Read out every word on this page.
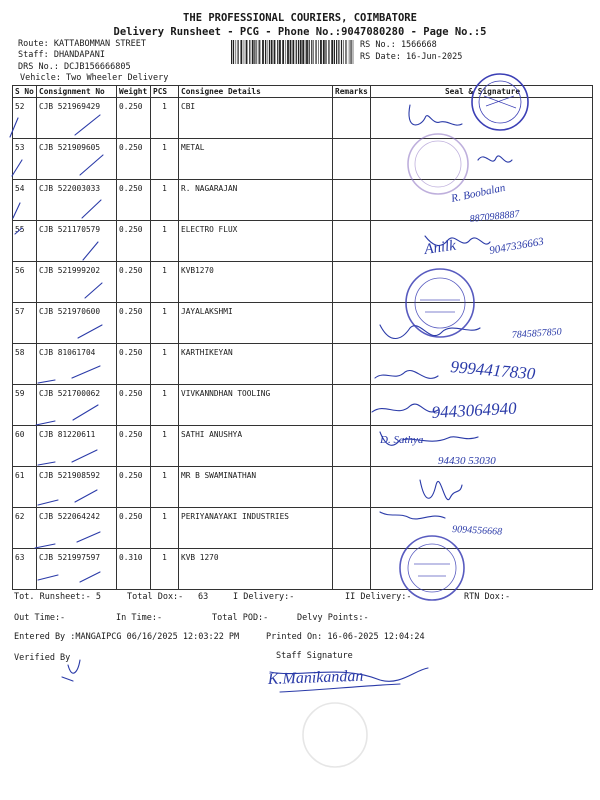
THE PROFESSIONAL COURIERS, COIMBATORE
Delivery Runsheet - PCG - Phone No.:9047080280 - Page No.:5
Route: KATTABOMMAN STREET
Staff: DHANDAPANI
DRS No.: DCJB156666805
Vehicle: Two Wheeler Delivery
RS No.: 1566668
RS Date: 16-Jun-2025
S No	Consignment No	Weight	PCS	Consignee Details	Remarks	Seal & Signature
52	CJB 521969429	0.250	1	CBI		
53	CJB 521909605	0.250	1	METAL		
54	CJB 522003033	0.250	1	R. NAGARAJAN		
55	CJB 521170579	0.250	1	ELECTRO FLUX		
56	CJB 521999202	0.250	1	KVB1270		
57	CJB 521970600	0.250	1	JAYALAKSHMI		
58	CJB 81061704	0.250	1	KARTHIKEYAN		
59	CJB 521700062	0.250	1	VIVKANNDHAN TOOLING		
60	CJB 81220611	0.250	1	SATHI ANUSHYA		
61	CJB 521908592	0.250	1	MR B SWAMINATHAN		
62	CJB 522064242	0.250	1	PERIYANAYAKI INDUSTRIES		
63	CJB 521997597	0.310	1	KVB 1270		
Tot. Runsheet:- 5	Total Dox:- 63	I Delivery:-	II Delivery:-	RTN Dox:-
Out Time:-	In Time:-	Total POD:-	Delvy Points:-
Entered By :MANGAIPCG 06/16/2025 12:03:22 PM	Printed On: 16-06-2025 12:04:24
Verified By	Staff Signature
R. Boobalan
8870988887
Anilk	9047336663
7845857850
9994417830
9443064940
D. Sathya
94430 53030
9094556668
K.Manikandan
